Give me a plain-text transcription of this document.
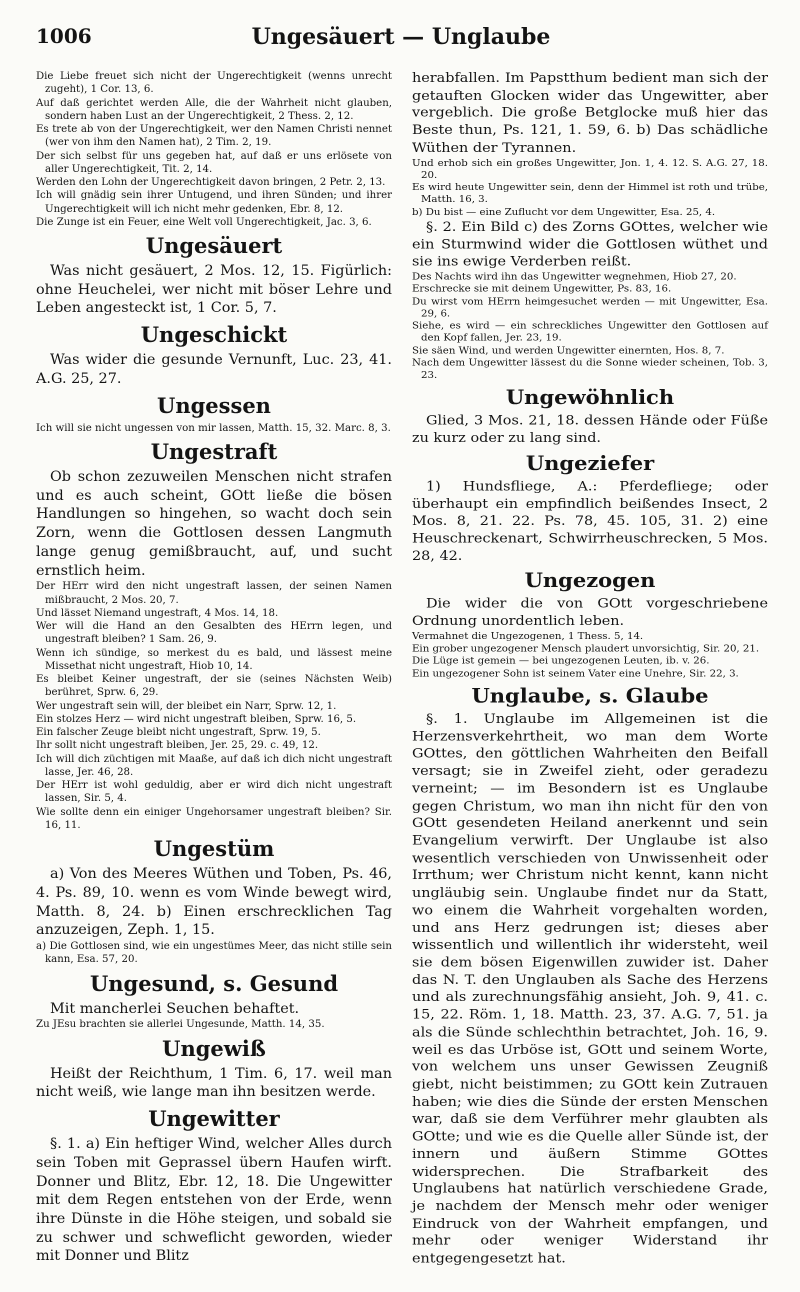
1006	Ungesäuert — Unglaube

Die Liebe freuet sich nicht der Ungerechtigkeit (wenns unrecht zugeht), 1 Cor. 13, 6.

Auf daß gerichtet werden Alle, die der Wahrheit nicht glauben, sondern haben Lust an der Ungerechtigkeit, 2 Thess. 2, 12.

Es trete ab von der Ungerechtigkeit, wer den Namen Christi nennet (wer von ihm den Namen hat), 2 Tim. 2, 19.

Der sich selbst für uns gegeben hat, auf daß er uns erlösete von aller Ungerechtigkeit, Tit. 2, 14.

Werden den Lohn der Ungerechtigkeit davon bringen, 2 Petr. 2, 13.

Ich will gnädig sein ihrer Untugend, und ihren Sünden; und ihrer Ungerechtigkeit will ich nicht mehr gedenken, Ebr. 8, 12.

Die Zunge ist ein Feuer, eine Welt voll Ungerechtigkeit, Jac. 3, 6.

Ungesäuert

Was nicht gesäuert, 2 Mos. 12, 15. Figürlich: ohne Heuchelei, wer nicht mit böser Lehre und Leben angesteckt ist, 1 Cor. 5, 7.

Ungeschickt

Was wider die gesunde Vernunft, Luc. 23, 41. A.G. 25, 27.

Ungessen

Ich will sie nicht ungessen von mir lassen, Matth. 15, 32. Marc. 8, 3.

Ungestraft

Ob schon zezuweilen Menschen nicht strafen und es auch scheint, GOtt ließe die bösen Handlungen so hingehen, so wacht doch sein Zorn, wenn die Gottlosen dessen Langmuth lange genug gemißbraucht, auf, und sucht ernstlich heim.

Der HErr wird den nicht ungestraft lassen, der seinen Namen mißbraucht, 2 Mos. 20, 7.

Und lässet Niemand ungestraft, 4 Mos. 14, 18.

Wer will die Hand an den Gesalbten des HErrn legen, und ungestraft bleiben? 1 Sam. 26, 9.

Wenn ich sündige, so merkest du es bald, und lässest meine Missethat nicht ungestraft, Hiob 10, 14.

Es bleibet Keiner ungestraft, der sie (seines Nächsten Weib) berühret, Sprw. 6, 29.

Wer ungestraft sein will, der bleibet ein Narr, Sprw. 12, 1.

Ein stolzes Herz — wird nicht ungestraft bleiben, Sprw. 16, 5.

Ein falscher Zeuge bleibt nicht ungestraft, Sprw. 19, 5.

Ihr sollt nicht ungestraft bleiben, Jer. 25, 29. c. 49, 12.

Ich will dich züchtigen mit Maaße, auf daß ich dich nicht ungestraft lasse, Jer. 46, 28.

Der HErr ist wohl geduldig, aber er wird dich nicht ungestraft lassen, Sir. 5, 4.

Wie sollte denn ein einiger Ungehorsamer ungestraft bleiben? Sir. 16, 11.

Ungestüm

a) Von des Meeres Wüthen und Toben, Ps. 46, 4. Ps. 89, 10. wenn es vom Winde bewegt wird, Matth. 8, 24. b) Einen erschrecklichen Tag anzuzeigen, Zeph. 1, 15.

a) Die Gottlosen sind, wie ein ungestümes Meer, das nicht stille sein kann, Esa. 57, 20.

Ungesund, s. Gesund

Mit mancherlei Seuchen behaftet.

Zu JEsu brachten sie allerlei Ungesunde, Matth. 14, 35.

Ungewiß

Heißt der Reichthum, 1 Tim. 6, 17. weil man nicht weiß, wie lange man ihn besitzen werde.

Ungewitter

§. 1. a) Ein heftiger Wind, welcher Alles durch sein Toben mit Geprassel übern Haufen wirft. Donner und Blitz, Ebr. 12, 18. Die Ungewitter mit dem Regen entstehen von der Erde, wenn ihre Dünste in die Höhe steigen, und sobald sie zu schwer und schweflicht geworden, wieder mit Donner und Blitz

herabfallen. Im Papstthum bedient man sich der getauften Glocken wider das Ungewitter, aber vergeblich. Die große Betglocke muß hier das Beste thun, Ps. 121, 1. 59, 6. b) Das schädliche Wüthen der Tyrannen.

Und erhob sich ein großes Ungewitter, Jon. 1, 4. 12. S. A.G. 27, 18. 20.

Es wird heute Ungewitter sein, denn der Himmel ist roth und trübe, Matth. 16, 3.

b) Du bist — eine Zuflucht vor dem Ungewitter, Esa. 25, 4.

§. 2. Ein Bild c) des Zorns GOttes, welcher wie ein Sturmwind wider die Gottlosen wüthet und sie ins ewige Verderben reißt.

Des Nachts wird ihn das Ungewitter wegnehmen, Hiob 27, 20.

Erschrecke sie mit deinem Ungewitter, Ps. 83, 16.

Du wirst vom HErrn heimgesuchet werden — mit Ungewitter, Esa. 29, 6.

Siehe, es wird — ein schreckliches Ungewitter den Gottlosen auf den Kopf fallen, Jer. 23, 19.

Sie säen Wind, und werden Ungewitter einernten, Hos. 8, 7.

Nach dem Ungewitter lässest du die Sonne wieder scheinen, Tob. 3, 23.

Ungewöhnlich

Glied, 3 Mos. 21, 18. dessen Hände oder Füße zu kurz oder zu lang sind.

Ungeziefer

1) Hundsfliege, A.: Pferdefliege; oder überhaupt ein empfindlich beißendes Insect, 2 Mos. 8, 21. 22. Ps. 78, 45. 105, 31. 2) eine Heuschreckenart, Schwirrheuschrecken, 5 Mos. 28, 42.

Ungezogen

Die wider die von GOtt vorgeschriebene Ordnung unordentlich leben.

Vermahnet die Ungezogenen, 1 Thess. 5, 14.

Ein grober ungezogener Mensch plaudert unvorsichtig, Sir. 20, 21.

Die Lüge ist gemein — bei ungezogenen Leuten, ib. v. 26.

Ein ungezogener Sohn ist seinem Vater eine Unehre, Sir. 22, 3.

Unglaube, s. Glaube

§. 1. Unglaube im Allgemeinen ist die Herzensverkehrtheit, wo man dem Worte GOttes, den göttlichen Wahrheiten den Beifall versagt; sie in Zweifel zieht, oder geradezu verneint; — im Besondern ist es Unglaube gegen Christum, wo man ihn nicht für den von GOtt gesendeten Heiland anerkennt und sein Evangelium verwirft. Der Unglaube ist also wesentlich verschieden von Unwissenheit oder Irrthum; wer Christum nicht kennt, kann nicht ungläubig sein. Unglaube findet nur da Statt, wo einem die Wahrheit vorgehalten worden, und ans Herz gedrungen ist; dieses aber wissentlich und willentlich ihr widersteht, weil sie dem bösen Eigenwillen zuwider ist. Daher das N. T. den Unglauben als Sache des Herzens und als zurechnungsfähig ansieht, Joh. 9, 41. c. 15, 22. Röm. 1, 18. Matth. 23, 37. A.G. 7, 51. ja als die Sünde schlechthin betrachtet, Joh. 16, 9. weil es das Urböse ist, GOtt und seinem Worte, von welchem uns unser Gewissen Zeugniß giebt, nicht beistimmen; zu GOtt kein Zutrauen haben; wie dies die Sünde der ersten Menschen war, daß sie dem Verführer mehr glaubten als GOtte; und wie es die Quelle aller Sünde ist, der innern und äußern Stimme GOttes widersprechen. Die Strafbarkeit des Unglaubens hat natürlich verschiedene Grade, je nachdem der Mensch mehr oder weniger Eindruck von der Wahrheit empfangen, und mehr oder weniger Widerstand ihr entgegengesetzt hat.
